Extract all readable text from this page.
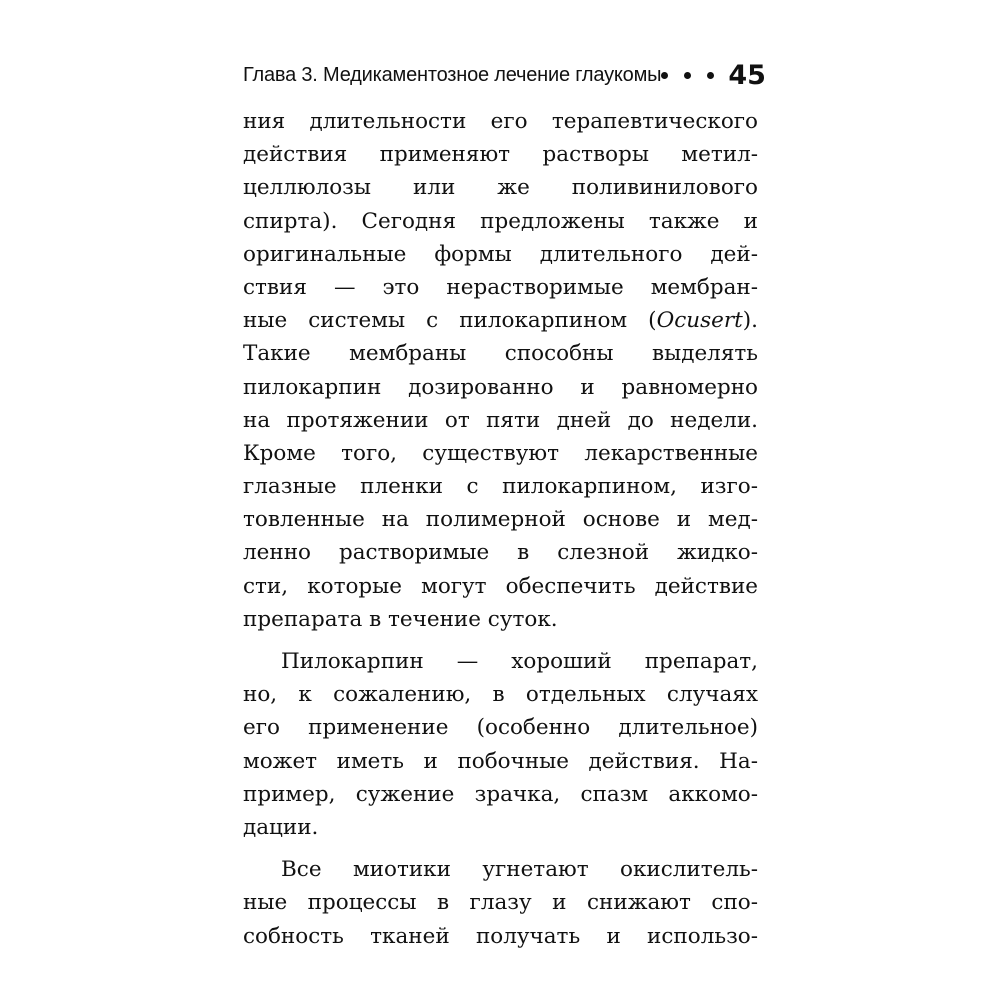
Глава 3. Медикаментозное лечение глаукомы 45
ния длительности его терапевтического
действия применяют растворы метил-
целлюлозы или же поливинилового
спирта). Сегодня предложены также и
оригинальные формы длительного дей-
ствия — это нерастворимые мембран-
ные системы с пилокарпином (Ocusert).
Такие мембраны способны выделять
пилокарпин дозированно и равномерно
на протяжении от пяти дней до недели.
Кроме того, существуют лекарственные
глазные пленки с пилокарпином, изго-
товленные на полимерной основе и мед-
ленно растворимые в слезной жидко-
сти, которые могут обеспечить действие
препарата в течение суток.
Пилокарпин — хороший препарат,
но, к сожалению, в отдельных случаях
его применение (особенно длительное)
может иметь и побочные действия. На-
пример, сужение зрачка, спазм аккомо-
дации.
Все миотики угнетают окислитель-
ные процессы в глазу и снижают спо-
собность тканей получать и использо-
